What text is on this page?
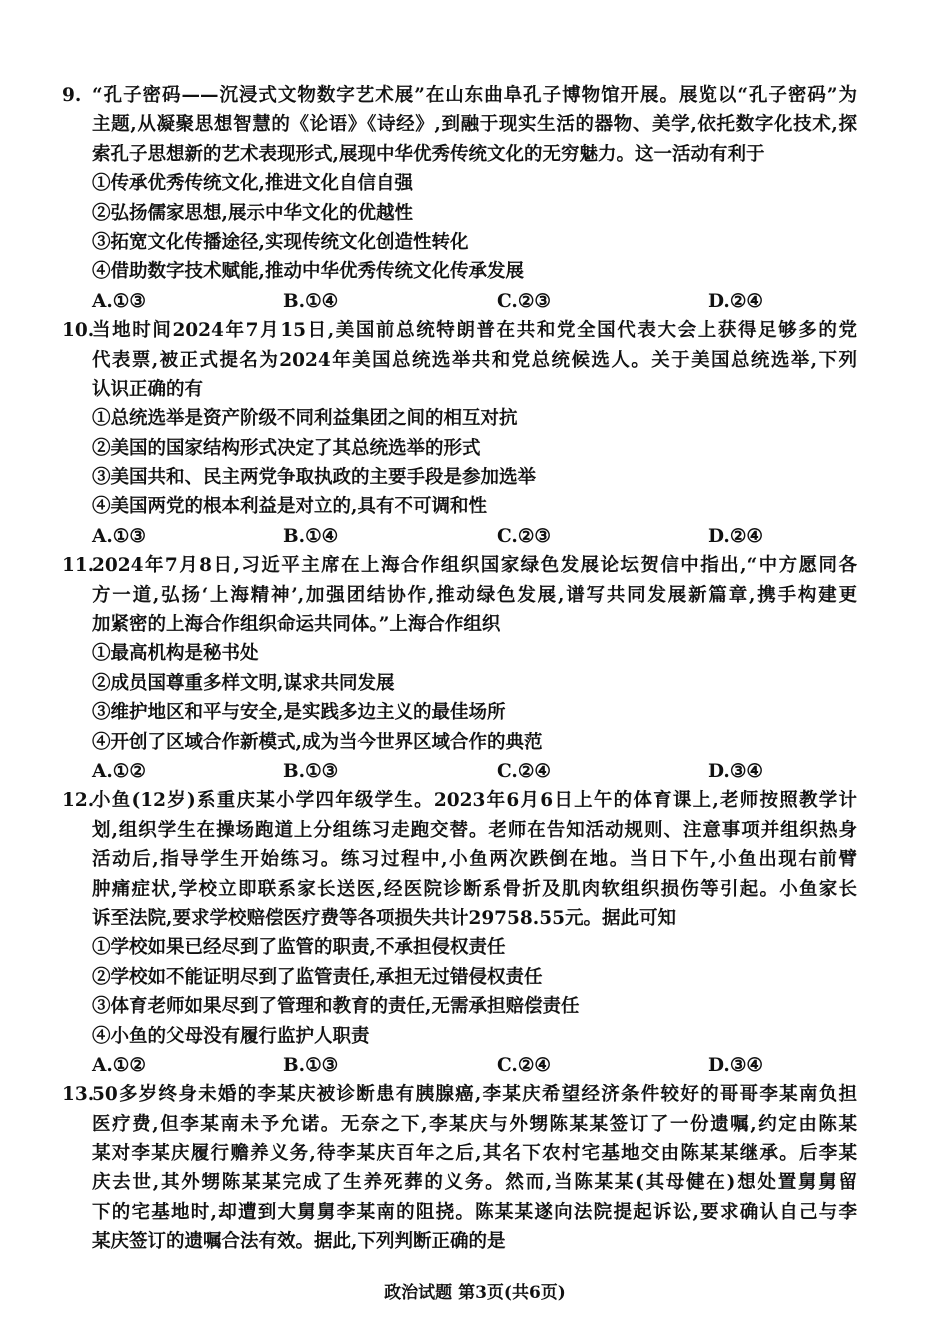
9. “孔子密码——沉浸式文物数字艺术展”在山东曲阜孔子博物馆开展。展览以“孔子密码”为
主题,从凝聚思想智慧的《论语》《诗经》,到融于现实生活的器物、美学,依托数字化技术,探
索孔子思想新的艺术表现形式,展现中华优秀传统文化的无穷魅力。这一活动有利于
①传承优秀传统文化,推进文化自信自强
②弘扬儒家思想,展示中华文化的优越性
③拓宽文化传播途径,实现传统文化创造性转化
④借助数字技术赋能,推动中华优秀传统文化传承发展
A.①③	B.①④	C.②③	D.②④
10.
当地时间2024年7月15日,美国前总统特朗普在共和党全国代表大会上获得足够多的党
代表票,被正式提名为2024年美国总统选举共和党总统候选人。关于美国总统选举,下列
认识正确的有
①总统选举是资产阶级不同利益集团之间的相互对抗
②美国的国家结构形式决定了其总统选举的形式
③美国共和、民主两党争取执政的主要手段是参加选举
④美国两党的根本利益是对立的,具有不可调和性
A.①③	B.①④	C.②③	D.②④
11.
2024年7月8日,习近平主席在上海合作组织国家绿色发展论坛贺信中指出,“中方愿同各
方一道,弘扬‘上海精神’,加强团结协作,推动绿色发展,谱写共同发展新篇章,携手构建更
加紧密的上海合作组织命运共同体。”上海合作组织
①最高机构是秘书处
②成员国尊重多样文明,谋求共同发展
③维护地区和平与安全,是实践多边主义的最佳场所
④开创了区域合作新模式,成为当今世界区域合作的典范
A.①②	B.①③	C.②④	D.③④
12.
小鱼(12岁)系重庆某小学四年级学生。2023年6月6日上午的体育课上,老师按照教学计
划,组织学生在操场跑道上分组练习走跑交替。老师在告知活动规则、注意事项并组织热身
活动后,指导学生开始练习。练习过程中,小鱼两次跌倒在地。当日下午,小鱼出现右前臂
肿痛症状,学校立即联系家长送医,经医院诊断系骨折及肌肉软组织损伤等引起。小鱼家长
诉至法院,要求学校赔偿医疗费等各项损失共计29758.55元。据此可知
①学校如果已经尽到了监管的职责,不承担侵权责任
②学校如不能证明尽到了监管责任,承担无过错侵权责任
③体育老师如果尽到了管理和教育的责任,无需承担赔偿责任
④小鱼的父母没有履行监护人职责
A.①②	B.①③	C.②④	D.③④
13.
50多岁终身未婚的李某庆被诊断患有胰腺癌,李某庆希望经济条件较好的哥哥李某南负担
医疗费,但李某南未予允诺。无奈之下,李某庆与外甥陈某某签订了一份遗嘱,约定由陈某
某对李某庆履行赡养义务,待李某庆百年之后,其名下农村宅基地交由陈某某继承。后李某
庆去世,其外甥陈某某完成了生养死葬的义务。然而,当陈某某(其母健在)想处置舅舅留
下的宅基地时,却遭到大舅舅李某南的阻挠。陈某某遂向法院提起诉讼,要求确认自己与李
某庆签订的遗嘱合法有效。据此,下列判断正确的是
政治试题 第3页(共6页)
